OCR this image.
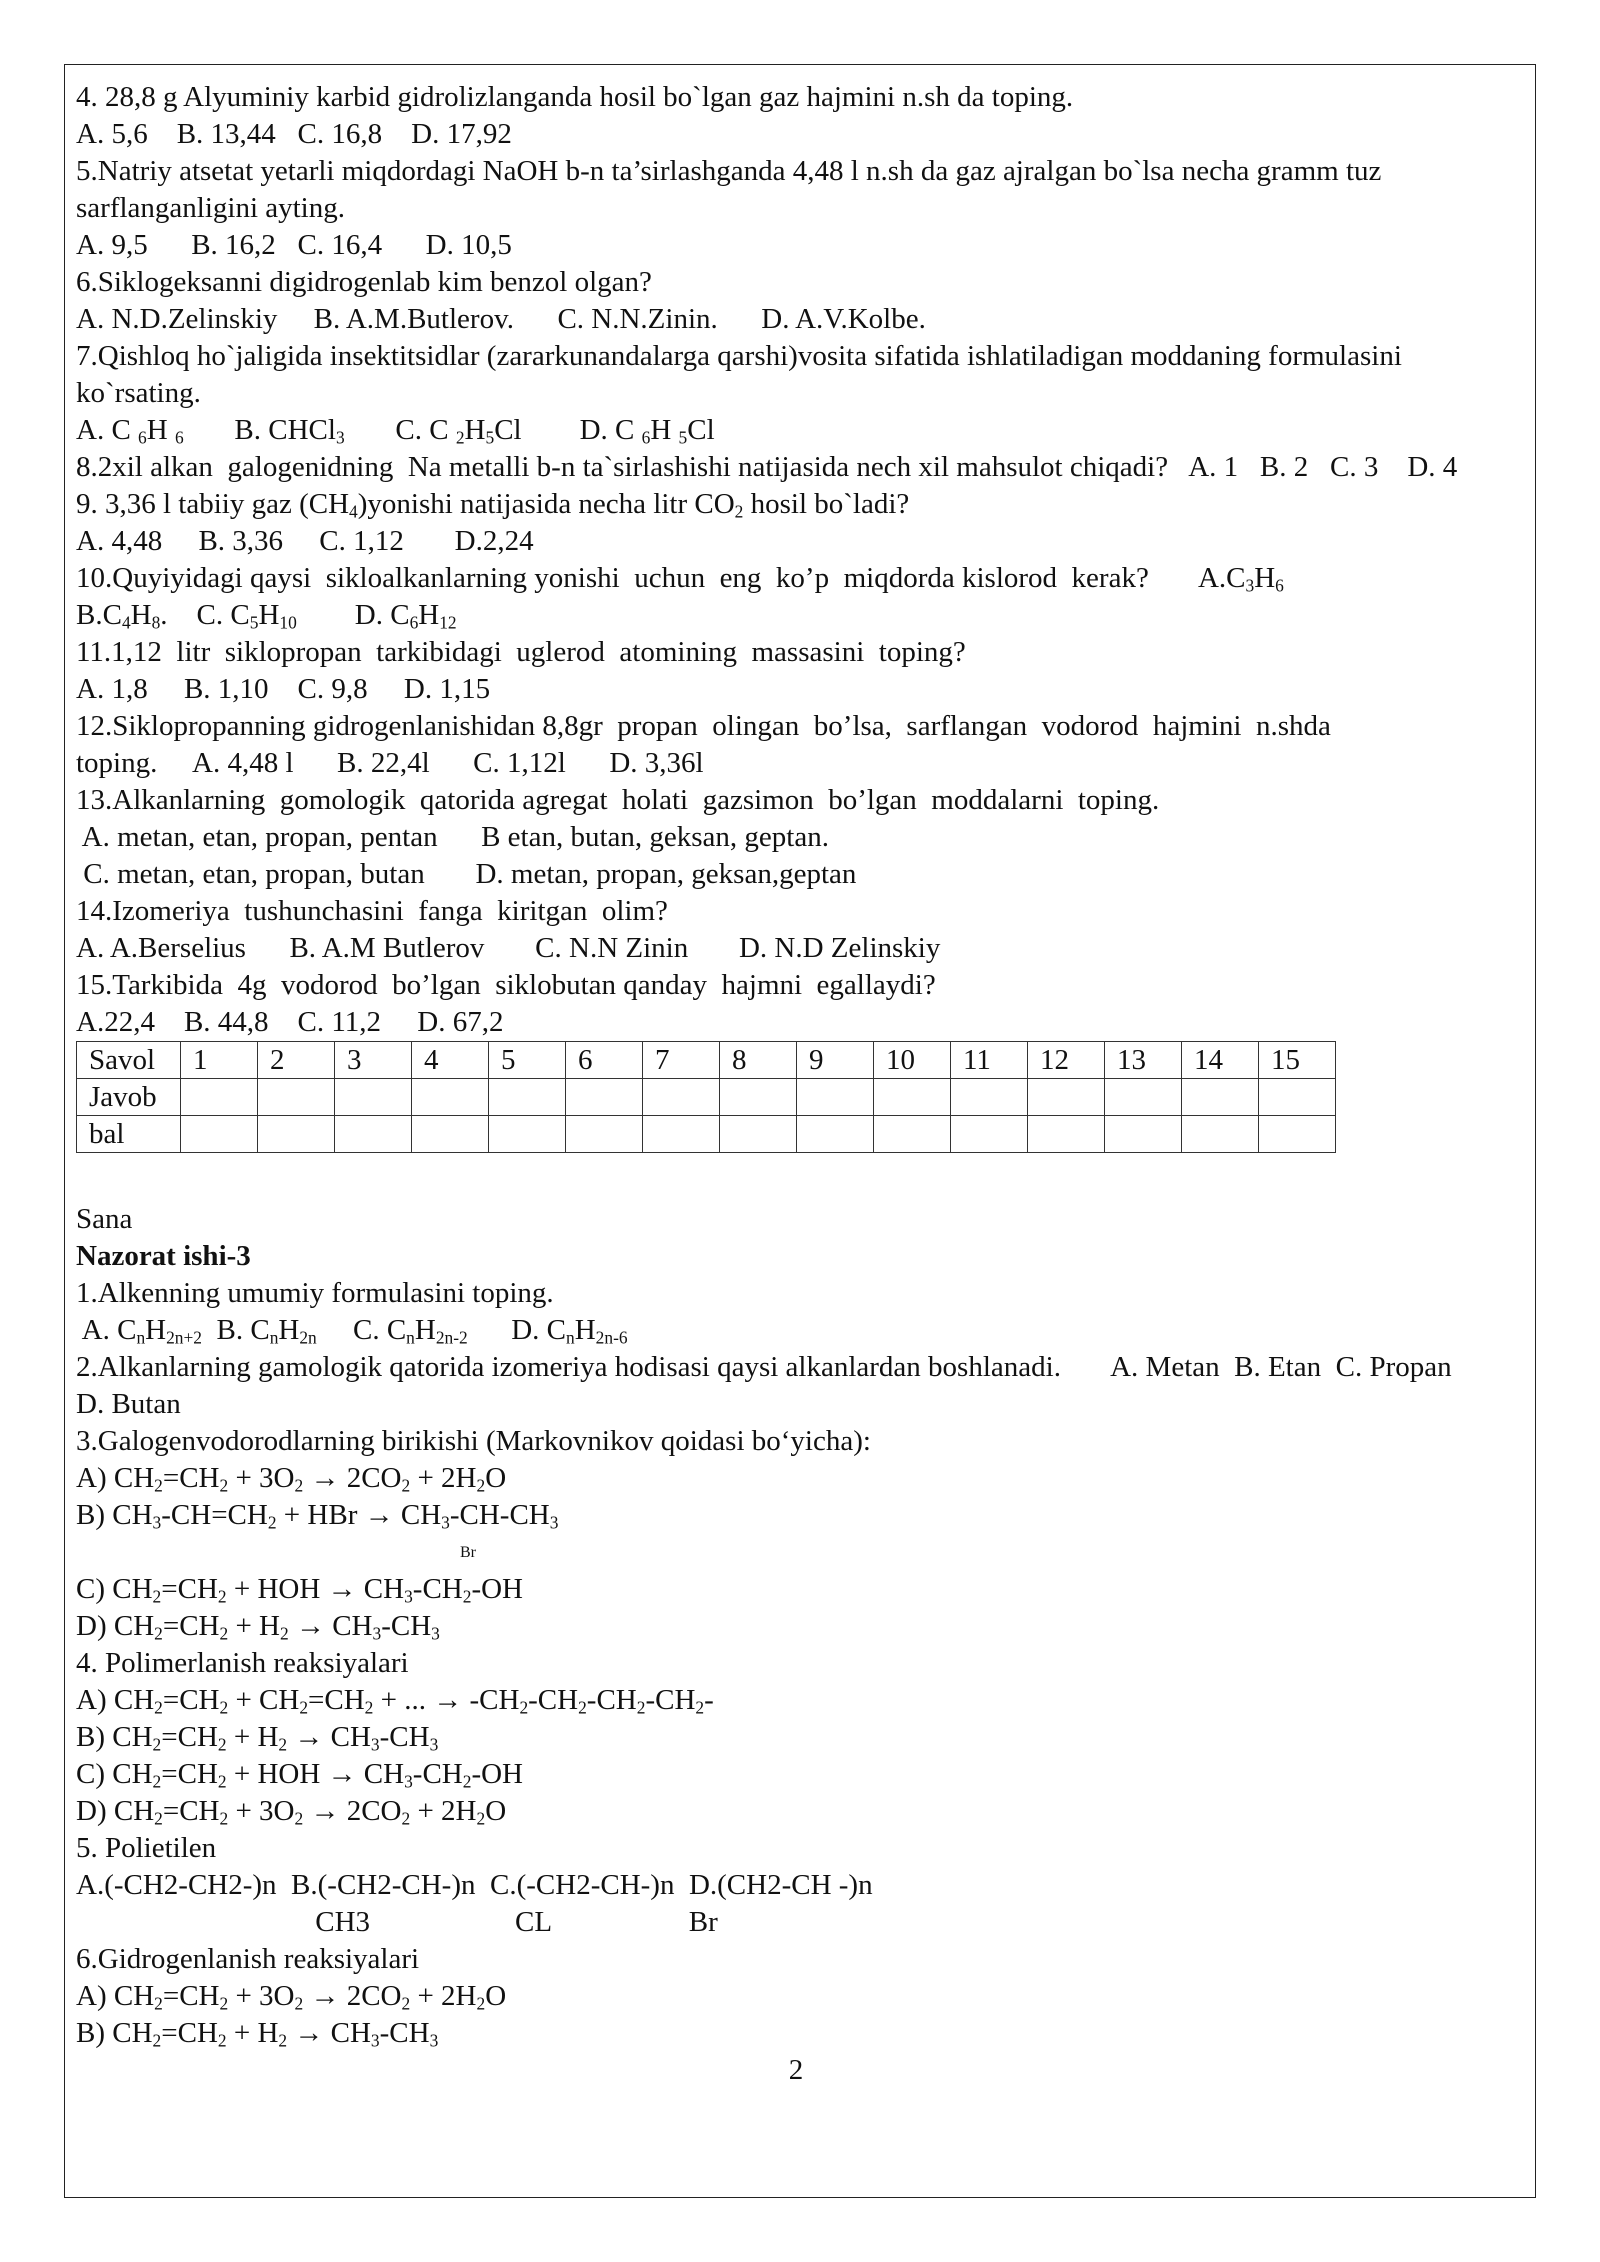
4. 28,8 g Alyuminiy karbid gidrolizlanganda hosil bo`lgan gaz hajmini n.sh da toping.
A. 5,6    B. 13,44   C. 16,8    D. 17,92
5.Natriy atsetat yetarli miqdordagi NaOH b-n ta’sirlashganda 4,48 l n.sh da gaz ajralgan bo`lsa necha gramm tuz sarflanganligini ayting.
A. 9,5      B. 16,2   C. 16,4      D. 10,5
6.Siklogeksanni digidrogenlab kim benzol olgan?
A. N.D.Zelinskiy     B. A.M.Butlerov.      C. N.N.Zinin.      D. A.V.Kolbe.
7.Qishloq ho`jaligida insektitsidlar (zararkunandalarga qarshi)vosita sifatida ishlatiladigan moddaning formulasini ko`rsating.
A. C $_6$H $_6$       B. CHCl$_3$       C. C $_2H_5Cl$        D. C $_6$H $_5$Cl
8.2xil alkan  galogenidning  Na metalli b-n ta`sirlashishi natijasida nech xil mahsulot chiqadi?   A. 1   B. 2   C. 3    D. 4
9. 3,36 l tabiiy gaz $(CH_4)yonishi$ natijasida necha litr $CO_2$ hosil bo`ladi?
A. 4,48     B. 3,36     C. 1,12       D.2,24
10.Quyiyidagi qaysi  sikloalkanlarning yonishi  uchun  eng  ko’p  miqdorda kislorod  kerak?       $A.C_3H_6$
$B.C_4H_8$.    C. $C_5H_{10}$        D. $C_6H_{12}$
11.1,12  litr  siklopropan  tarkibidagi  uglerod  atomining  massasini  toping?
A. 1,8     B. 1,10    C. 9,8     D. 1,15
12.Siklopropanning gidrogenlanishidan 8,8gr  propan  olingan  bo’lsa,  sarflangan  vodorod  hajmini  n.shda
toping.     A. 4,48 l      B. 22,4l      C. 1,12l      D. 3,36l
13.Alkanlarning  gomologik  qatorida agregat  holati  gazsimon  bo’lgan  moddalarni  toping.
A. metan, etan, propan, pentan      B etan, butan, geksan, geptan.
C. metan, etan, propan, butan       D. metan, propan, geksan,geptan
14.Izomeriya  tushunchasini  fanga  kiritgan  olim?
A. A.Berselius      B. A.M Butlerov       C. N.N Zinin       D. N.D Zelinskiy
15.Tarkibida  4g  vodorod  bo’lgan  siklobutan qanday  hajmni  egallaydi?
A.22,4    B. 44,8    C. 11,2     D. 67,2
Savol	1	2	3	4	5	6	7	8	9	10	11	12	13	14	15
Javob															
bal															
Sana
Nazorat ishi-3
1.Alkenning umumiy formulasini toping.
A. $C_nH_{2n+2}$  B. $C_nH_{2n}$     C. $C_nH_{2n-2}$      D. $C_nH_{2n-6}$
2.Alkanlarning gamologik qatorida izomeriya hodisasi qaysi alkanlardan boshlanadi.       A. Metan  B. Etan  C. Propan       D. Butan
3.Galogenvodorodlarning birikishi (Markovnikov qoidasi bo‘yicha):
A) $CH_2=CH_2 + 3O_2 \to 2CO_2 + 2H_2O$
B) $CH_3-CH=CH_2$ + HBr → $CH_3-CH-CH_3$
Br
C) $CH_2=CH_2$ + HOH → $CH_3-CH_2-OH$
D) $CH_2=CH_2 + H_2 \to CH_3-CH_3$
4. Polimerlanish reaksiyalari
A) $CH_2=CH_2 + CH_2=CH_2$ + ... → $-CH_2-CH_2-CH_2-CH_2-$
B) $CH_2=CH_2 + H_2 \to CH_3-CH_3$
C) $CH_2=CH_2$ + HOH → $CH_3-CH_2-OH$
D) $CH_2=CH_2 + 3O_2 \to 2CO_2 + 2H_2O$
5. Polietilen
A.(-CH2-CH2-)n  B.(-CH2-CH-)n  C.(-CH2-CH-)n  D.(CH2-CH -)n
CH3                    CL                   Br
6.Gidrogenlanish reaksiyalari
A) $CH_2=CH_2 + 3O_2 \to 2CO_2 + 2H_2O$
B) $CH_2=CH_2 + H_2 \to CH_3-CH_3$
2
